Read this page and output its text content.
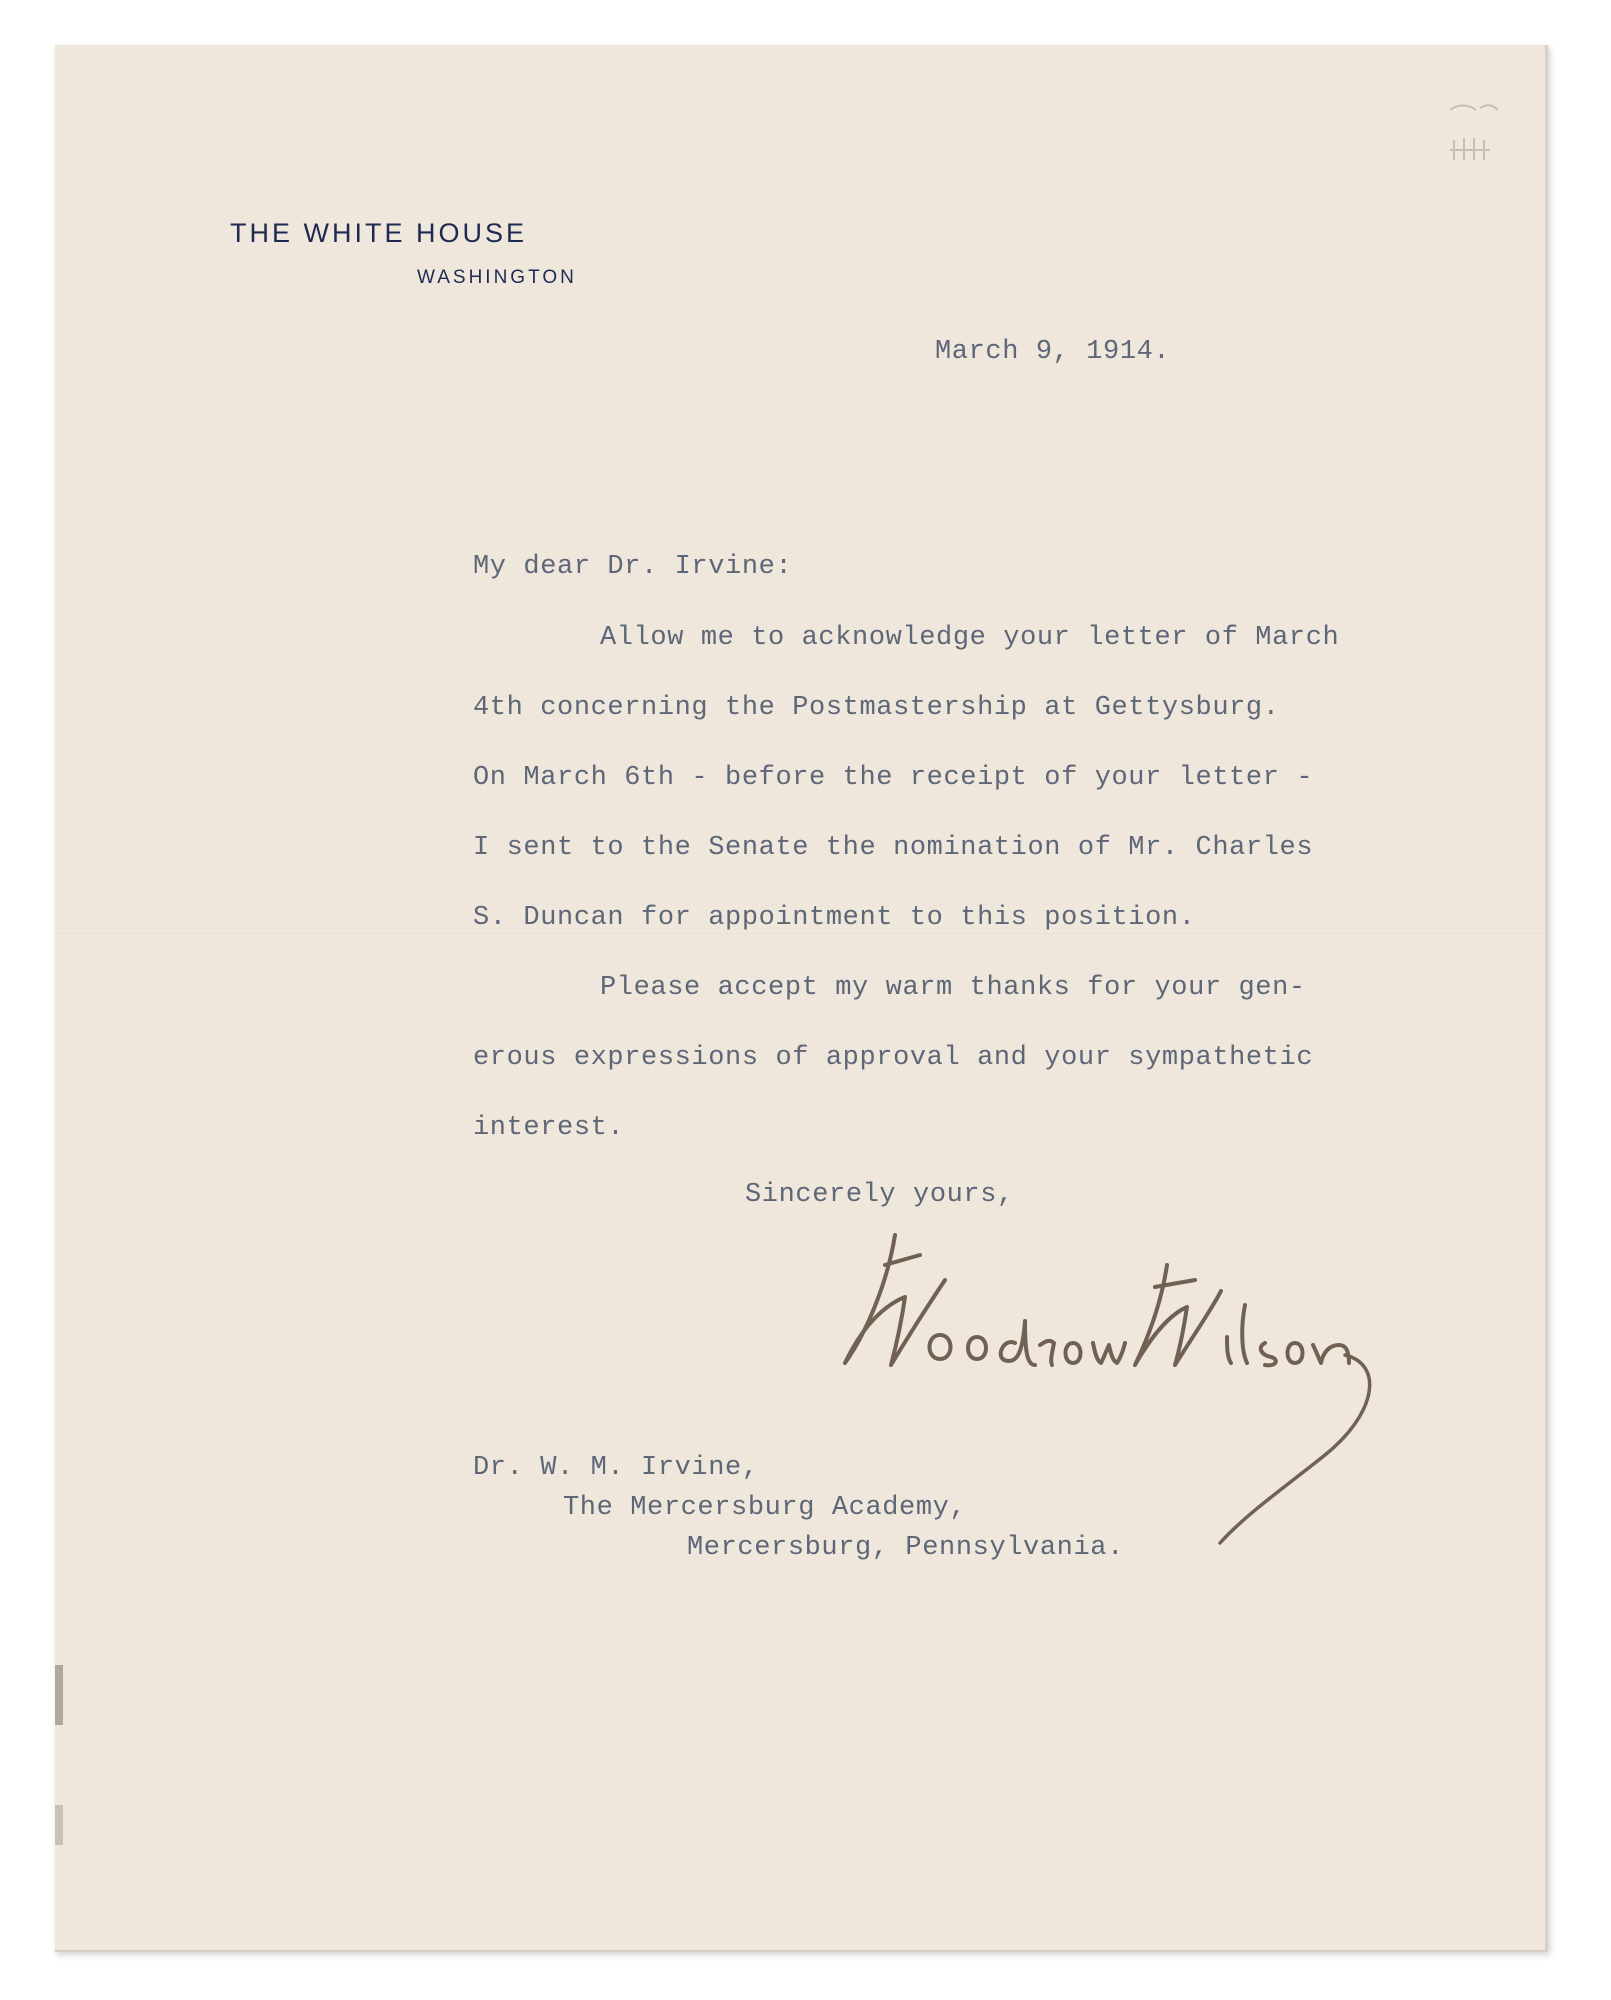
THE WHITE HOUSE
WASHINGTON
March 9, 1914.
My dear Dr. Irvine:
Allow me to acknowledge your letter of March
4th concerning the Postmastership at Gettysburg.
On March 6th - before the receipt of your letter -
I sent to the Senate the nomination of Mr. Charles
S. Duncan for appointment to this position.
Please accept my warm thanks for your gen-
erous expressions of approval and your sympathetic
interest.
Sincerely yours,
Dr. W. M. Irvine,
The Mercersburg Academy,
Mercersburg, Pennsylvania.
